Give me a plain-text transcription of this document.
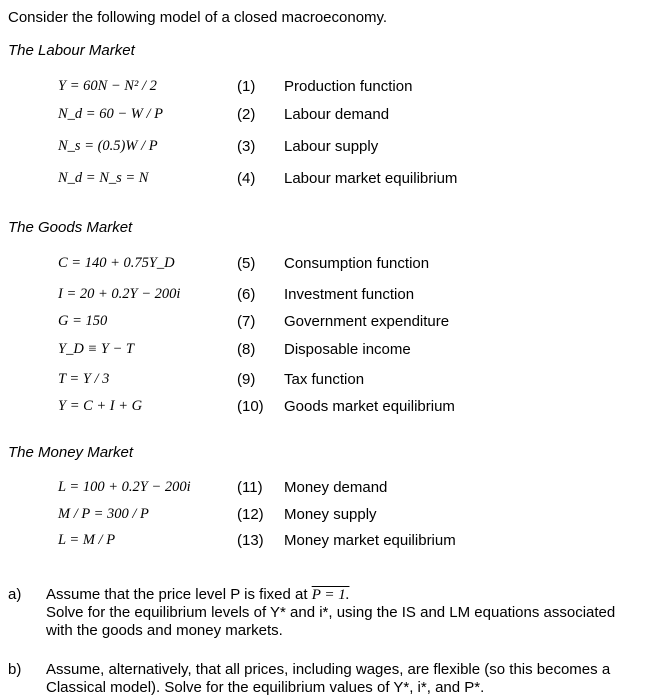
Consider the following model of a closed macroeconomy.
The Labour Market
Y = 60N − N² / 2	(1) Production function
N_d = 60 − W / P	(2) Labour demand
N_s = (0.5)W / P	(3) Labour supply
N_d = N_s = N	(4) Labour market equilibrium
The Goods Market
C = 140 + 0.75Y_D	(5) Consumption function
I = 20 + 0.2Y − 200i	(6) Investment function
G = 150	(7) Government expenditure
Y_D ≡ Y − T	(8) Disposable income
T = Y / 3	(9) Tax function
Y = C + I + G	(10) Goods market equilibrium
The Money Market
L = 100 + 0.2Y − 200i	(11) Money demand
M / P = 300 / P	(12) Money supply
L = M / P	(13) Money market equilibrium
a) Assume that the price level P is fixed at P = 1.
Solve for the equilibrium levels of Y* and i*, using the IS and LM equations associated
with the goods and money markets.
b) Assume, alternatively, that all prices, including wages, are flexible (so this becomes a
Classical model). Solve for the equilibrium values of Y*, i*, and P*.
